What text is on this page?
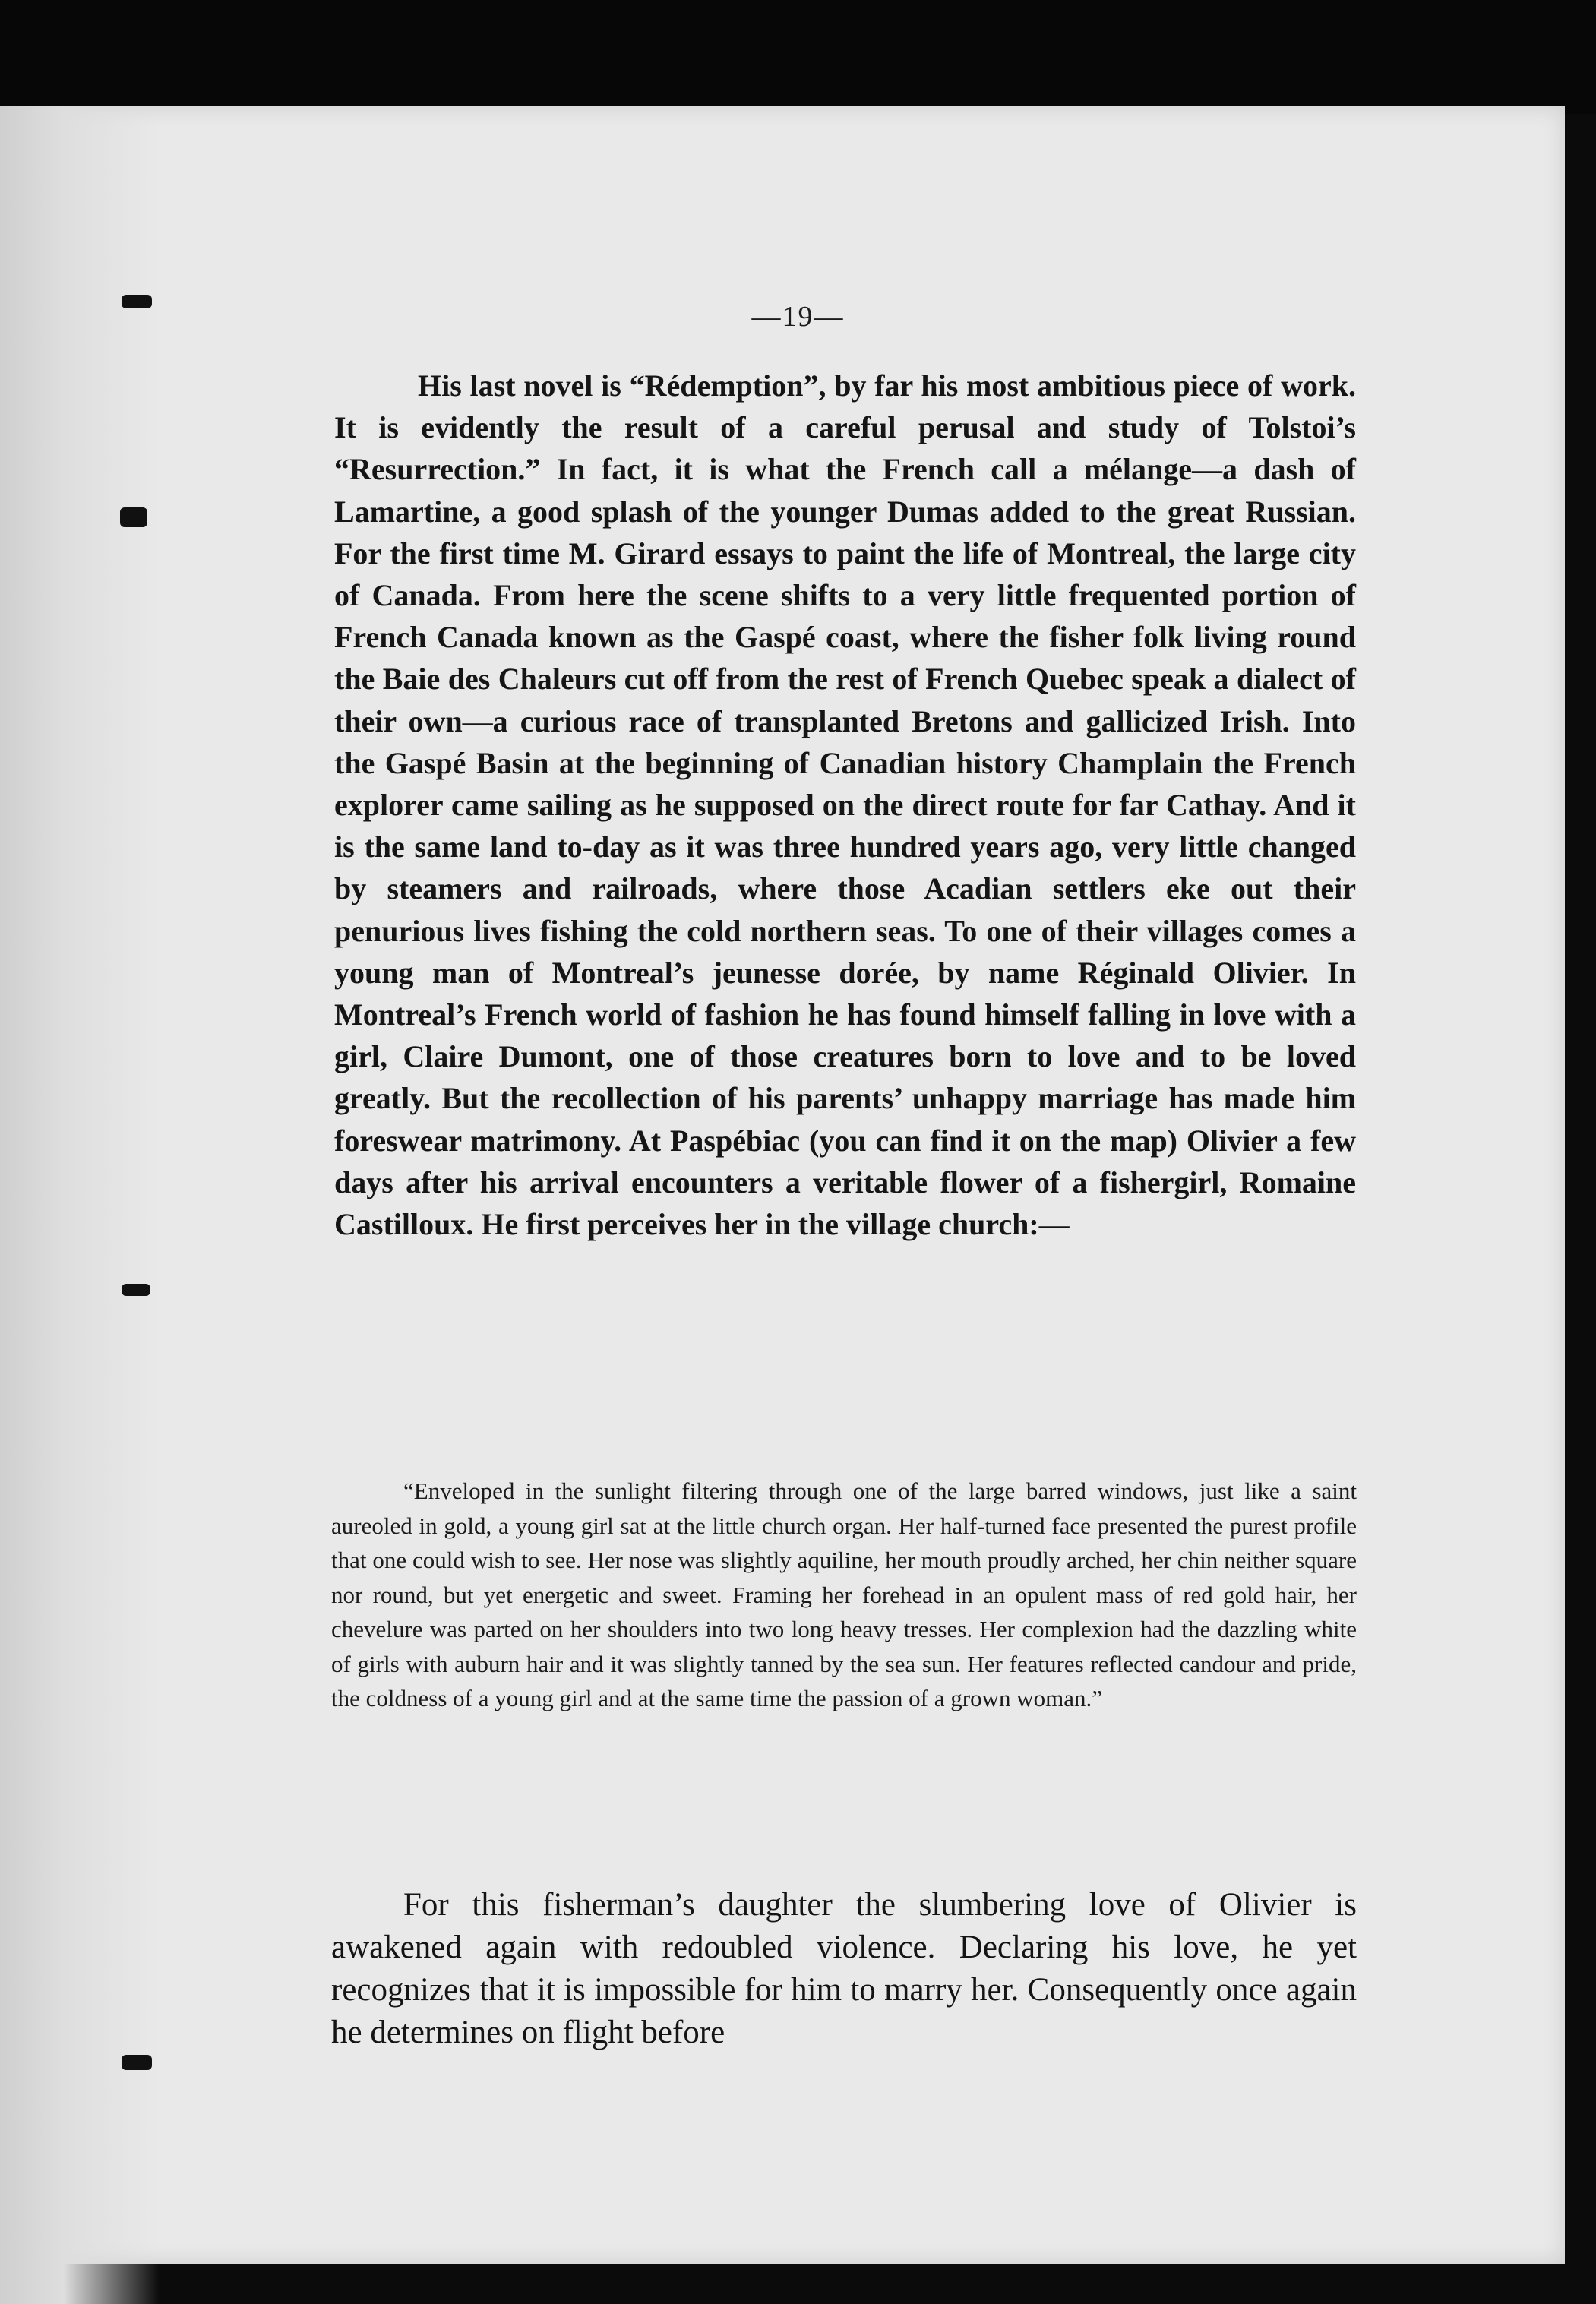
—19—

His last novel is “Rédemption”, by far his most ambitious piece of work. It is evidently the result of a careful perusal and study of Tolstoi’s “Resurrection.” In fact, it is what the French call a mélange—a dash of Lamartine, a good splash of the younger Dumas added to the great Russian. For the first time M. Girard essays to paint the life of Montreal, the large city of Canada. From here the scene shifts to a very little frequented portion of French Canada known as the Gaspé coast, where the fisher folk living round the Baie des Chaleurs cut off from the rest of French Quebec speak a dialect of their own—a curious race of transplanted Bretons and gallicized Irish. Into the Gaspé Basin at the beginning of Canadian history Champlain the French explorer came sailing as he supposed on the direct route for far Cathay. And it is the same land to-day as it was three hundred years ago, very little changed by steamers and railroads, where those Acadian settlers eke out their penurious lives fishing the cold northern seas. To one of their villages comes a young man of Montreal’s jeunesse dorée, by name Réginald Olivier. In Montreal’s French world of fashion he has found himself falling in love with a girl, Claire Dumont, one of those creatures born to love and to be loved greatly. But the recollection of his parents’ unhappy marriage has made him foreswear matrimony. At Paspébiac (you can find it on the map) Olivier a few days after his arrival encounters a veritable flower of a fishergirl, Romaine Castilloux. He first perceives her in the village church:—

“Enveloped in the sunlight filtering through one of the large barred windows, just like a saint aureoled in gold, a young girl sat at the little church organ. Her half-turned face presented the purest profile that one could wish to see. Her nose was slightly aquiline, her mouth proudly arched, her chin neither square nor round, but yet energetic and sweet. Framing her forehead in an opulent mass of red gold hair, her chevelure was parted on her shoulders into two long heavy tresses. Her complexion had the dazzling white of girls with auburn hair and it was slightly tanned by the sea sun. Her features reflected candour and pride, the coldness of a young girl and at the same time the passion of a grown woman.”

For this fisherman’s daughter the slumbering love of Olivier is awakened again with redoubled violence. Declaring his love, he yet recognizes that it is impossible for him to marry her. Consequently once again he determines on flight before
